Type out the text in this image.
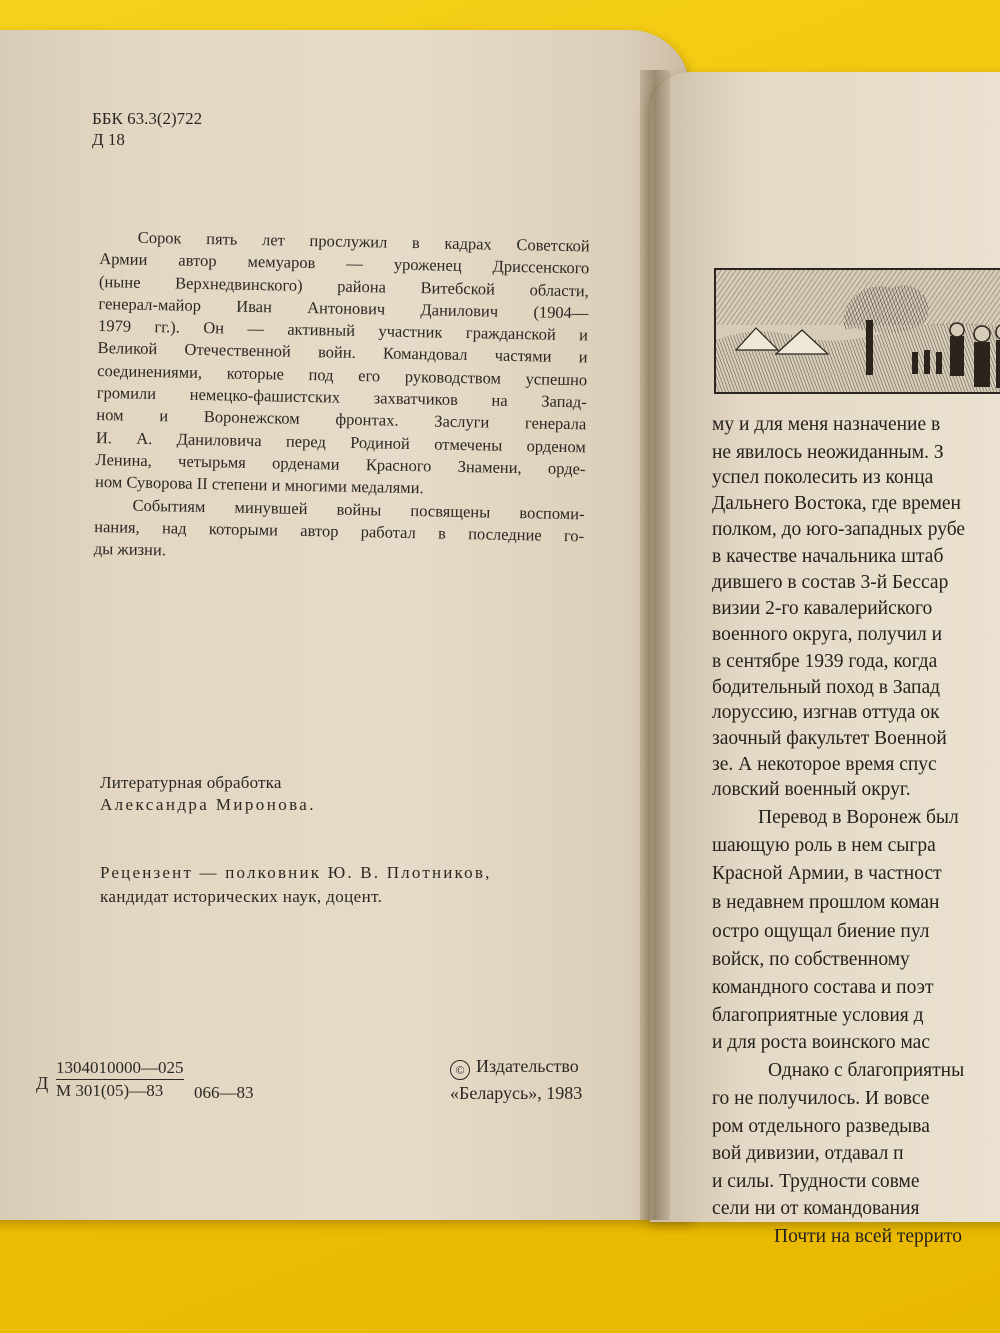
ББК 63.3(2)722
Д 18
Сорок пять лет прослужил в кадрах Советской
Армии автор мемуаров — уроженец Дриссенского
(ныне Верхнедвинского) района Витебской области,
генерал-майор Иван Антонович Данилович (1904—
1979 гг.). Он — активный участник гражданской и
Великой Отечественной войн. Командовал частями и
соединениями, которые под его руководством успешно
громили немецко-фашистских захватчиков на Запад-
ном и Воронежском фронтах. Заслуги генерала
И. А. Даниловича перед Родиной отмечены орденом
Ленина, четырьмя орденами Красного Знамени, орде-
ном Суворова II степени и многими медалями.
Событиям минувшей войны посвящены воспоми-
нания, над которыми автор работал в последние го-
ды жизни.
Литературная обработка
Александра Миронова.
Рецензент — полковник Ю. В. Плотников,
кандидат исторических наук, доцент.
Д
1304010000—025
М 301(05)—83 066—83
© Издательство
«Беларусь», 1983
му и для меня назначение в
не явилось неожиданным. З
успел поколесить из конца
Дальнего Востока, где времен
полком, до юго-западных рубе
в качестве начальника штаб
дившего в состав 3-й Бессар
визии 2-го кавалерийского
военного округа, получил и
в сентябре 1939 года, когда
бодительный поход в Запад
лоруссию, изгнав оттуда ок
заочный факультет Военной
зе. А некоторое время спус
ловский военный округ.
Перевод в Воронеж был
шающую роль в нем сыгра
Красной Армии, в частност
в недавнем прошлом коман
остро ощущал биение пул
войск, по собственному
командного состава и поэт
благоприятные условия д
и для роста воинского мас
Однако с благоприятны
го не получилось. И вовсе
ром отдельного разведыва
вой дивизии, отдавал п
и силы. Трудности совме
сели ни от командования
Почти на всей террито
